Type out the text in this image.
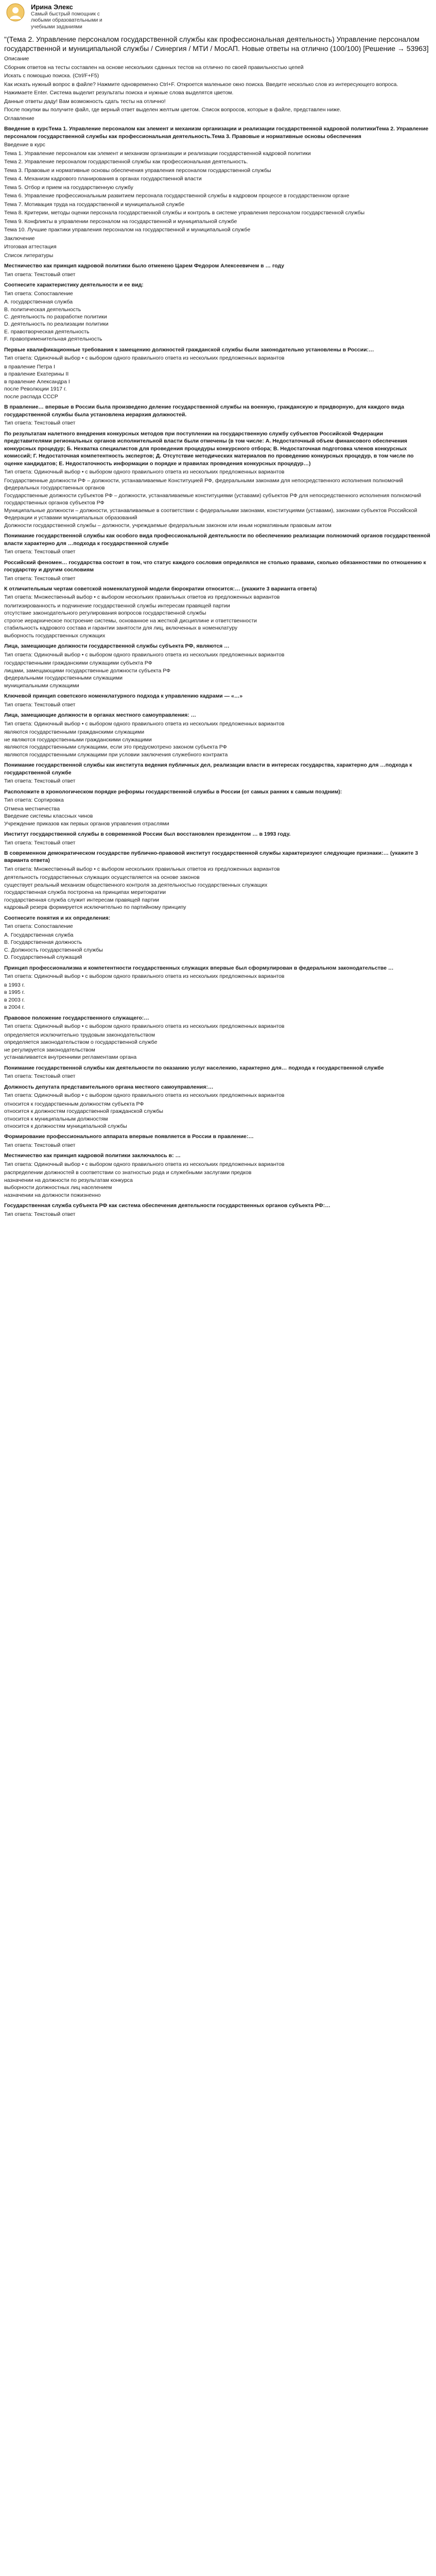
Ирина Элекс
Самый быстрый помощник с любыми образовательными и учебными заданиями
"(Тема 2. Управление персоналом государственной службы как профессиональная деятельность) Управление персоналом государственной и муниципальной службы / Синергия / МТИ / МосАП. Новые ответы на отлично (100/100) [Решение → 53963]

Описание

Сборник ответов на тесты составлен на основе нескольких сданных тестов на отлично по своей правильностью цепей

Искать с помощью поиска. (Ctrl/F+F5)

Как искать нужный вопрос в файле? Нажмите одновременно Ctrl+F. Откроется маленькое окно поиска. Введите несколько слов из интересующего вопроса.

Нажимаете Enter. Система выделит результаты поиска и нужные слова выделятся цветом.

Данные ответы даду! Вам возможность сдать тесты на отлично!

После покупки вы получите файл, где верный ответ выделен желтым цветом. Список вопросов, которые в файле, представлен ниже.

Оглавление

Введение в курсТема 1. Управление персоналом как элемент и механизм организации и реализации государственной кадровой политикиТема 2. Управление персоналом государственной службы как профессиональная деятельность.Тема 3. Правовые и нормативные основы обеспечения

Введение в курс

Тема 1. Управление персоналом как элемент и механизм организации и реализации государственной кадровой политики

Тема 2. Управление персоналом государственной службы как профессиональная деятельность.

Тема 3. Правовые и нормативные основы обеспечения управления персоналом государственной службы

Тема 4. Механизм кадрового планирования в органах государственной власти

Тема 5. Отбор и прием на государственную службу

Тема 6. Управление профессиональным развитием персонала государственной службы в кадровом процессе в государственном органе

Тема 7. Мотивация труда на государственной и муниципальной службе

Тема 8. Критерии, методы оценки персонала государственной службы и контроль в системе управления персоналом государственной службы

Тема 9. Конфликты в управлении персоналом на государственной и муниципальной службе

Тема 10. Лучшие практики управления персоналом на государственной и муниципальной службе

Заключение

Итоговая аттестация

Список литературы

Местничество как принцип кадровой политики было отменено Царем Федором Алексеевичем в … году

Тип ответа: Текстовый ответ

Соотнесите характеристику деятельности и ее вид:

Тип ответа: Сопоставление

A. государственная служба

B. политическая деятельность

C. деятельность по разработке политики

D. деятельность по реализации политики

E. правотворческая деятельность

F. правоприменительная деятельность

Первые квалификационные требования к замещению должностей гражданской службы были законодательно установлены в России:…

Тип ответа: Одиночный выбор • с выбором одного правильного ответа из нескольких предложенных вариантов

в правление Петра I

в правление Екатерины II

в правление Александра I

после Революции 1917 г.

после распада СССР

В правление… впервые в России была произведено деление государственной службы на военную, гражданскую и придворную, для каждого вида государственной службы была установлена иерархия должностей.

Тип ответа: Текстовый ответ

По результатам налетного внедрения конкурсных методов при поступлении на государственную службу субъектов Российской Федерации представителями региональных органов исполнительной власти были отмечены (в том числе: А. Недостаточный объем финансового обеспечения конкурсных процедур; Б. Нехватка специалистов для проведения процедуры конкурсного отбора; В. Недостаточная подготовка членов конкурсных комиссий; Г. Недостаточная компетентность экспертов; Д. Отсутствие методических материалов по проведению конкурсных процедур, в том числе по оценке кандидатов; Е. Недостаточность информации о порядке и правилах проведения конкурсных процедур…)

Тип ответа: Одиночный выбор • с выбором одного правильного ответа из нескольких предложенных вариантов

Государственные должности РФ – должности, устанавливаемые Конституцией РФ, федеральными законами для непосредственного исполнения полномочий федеральных государственных органов

Государственные должности субъектов РФ – должности, устанавливаемые конституциями (уставами) субъектов РФ для непосредственного исполнения полномочий государственных органов субъектов РФ

Муниципальные должности – должности, устанавливаемые в соответствии с федеральными законами, конституциями (уставами), законами субъектов Российской Федерации и уставами муниципальных образований

Должности государственной службы – должности, учреждаемые федеральным законом или иным нормативным правовым актом

Понимание государственной службы как особого вида профессиональной деятельности по обеспечению реализации полномочий органов государственной власти характерно для …подхода к государственной службе

Тип ответа: Текстовый ответ

Российский феномен… государства состоит в том, что статус каждого сословия определялся не столько правами, сколько обязанностями по отношению к государству и другим сословиям

Тип ответа: Текстовый ответ

К отличительным чертам советской номенклатурной модели бюрократии относится:… (укажите 3 варианта ответа)

Тип ответа: Множественный выбор • с выбором нескольких правильных ответов из предложенных вариантов

политизированность и подчинение государственной службы интересам правящей партии

отсутствие законодательного регулирования вопросов государственной службы

строгое иерархическое построение системы, основанное на жесткой дисциплине и ответственности

стабильность кадрового состава и гарантии занятости для лиц, включенных в номенклатуру

выборность государственных служащих

Лица, замещающие должности государственной службы субъекта РФ, являются …

Тип ответа: Одиночный выбор • с выбором одного правильного ответа из нескольких предложенных вариантов

государственными гражданскими служащими субъекта РФ

лицами, замещающими государственные должности субъекта РФ

федеральными государственными служащими

муниципальными служащими

Ключевой принцип советского номенклатурного подхода к управлению кадрами — «…»

Тип ответа: Текстовый ответ

Лица, замещающие должности в органах местного самоуправления: …

Тип ответа: Одиночный выбор • с выбором одного правильного ответа из нескольких предложенных вариантов

являются государственными гражданскими служащими

не являются государственными гражданскими служащими

являются государственными служащими, если это предусмотрено законом субъекта РФ

являются государственными служащими при условии заключения служебного контракта

Понимание государственной службы как института ведения публичных дел, реализации власти в интересах государства, характерно для …подхода к государственной службе

Тип ответа: Текстовый ответ

Расположите в хронологическом порядке реформы государственной службы в России (от самых ранних к самым поздним):

Тип ответа: Сортировка

Отмена местничества

Введение системы классных чинов

Учреждение приказов как первых органов управления отраслями

Институт государственной службы в современной России был восстановлен президентом … в 1993 году.

Тип ответа: Текстовый ответ

В современном демократическом государстве публично-правовой институт государственной службы характеризуют следующие признаки:… (укажите 3 варианта ответа)

Тип ответа: Множественный выбор • с выбором нескольких правильных ответов из предложенных вариантов

деятельность государственных служащих осуществляется на основе законов

существует реальный механизм общественного контроля за деятельностью государственных служащих

государственная служба построена на принципах меритократии

государственная служба служит интересам правящей партии

кадровый резерв формируется исключительно по партийному принципу

Соотнесите понятия и их определения:

Тип ответа: Сопоставление

A. Государственная служба

B. Государственная должность

C. Должность государственной службы

D. Государственный служащий

Принцип профессионализма и компетентности государственных служащих впервые был сформулирован в федеральном законодательстве …

Тип ответа: Одиночный выбор • с выбором одного правильного ответа из нескольких предложенных вариантов

в 1993 г.

в 1995 г.

в 2003 г.

в 2004 г.

Правовое положение государственного служащего:…

Тип ответа: Одиночный выбор • с выбором одного правильного ответа из нескольких предложенных вариантов

определяется исключительно трудовым законодательством

определяется законодательством о государственной службе

не регулируется законодательством

устанавливается внутренними регламентами органа

Понимание государственной службы как деятельности по оказанию услуг населению, характерно для… подхода к государственной службе

Тип ответа: Текстовый ответ

Должность депутата представительного органа местного самоуправления:…

Тип ответа: Одиночный выбор • с выбором одного правильного ответа из нескольких предложенных вариантов

относится к государственным должностям субъекта РФ

относится к должностям государственной гражданской службы

относится к муниципальным должностям

относится к должностям муниципальной службы

Формирование профессионального аппарата впервые появляется в России в правление:…

Тип ответа: Текстовый ответ

Местничество как принцип кадровой политики заключалось в: …

Тип ответа: Одиночный выбор • с выбором одного правильного ответа из нескольких предложенных вариантов

распределении должностей в соответствии со знатностью рода и служебными заслугами предков

назначении на должности по результатам конкурса

выборности должностных лиц населением

назначении на должности пожизненно

Государственная служба субъекта РФ как система обеспечения деятельности государственных органов субъекта РФ:…

Тип ответа: Текстовый ответ
